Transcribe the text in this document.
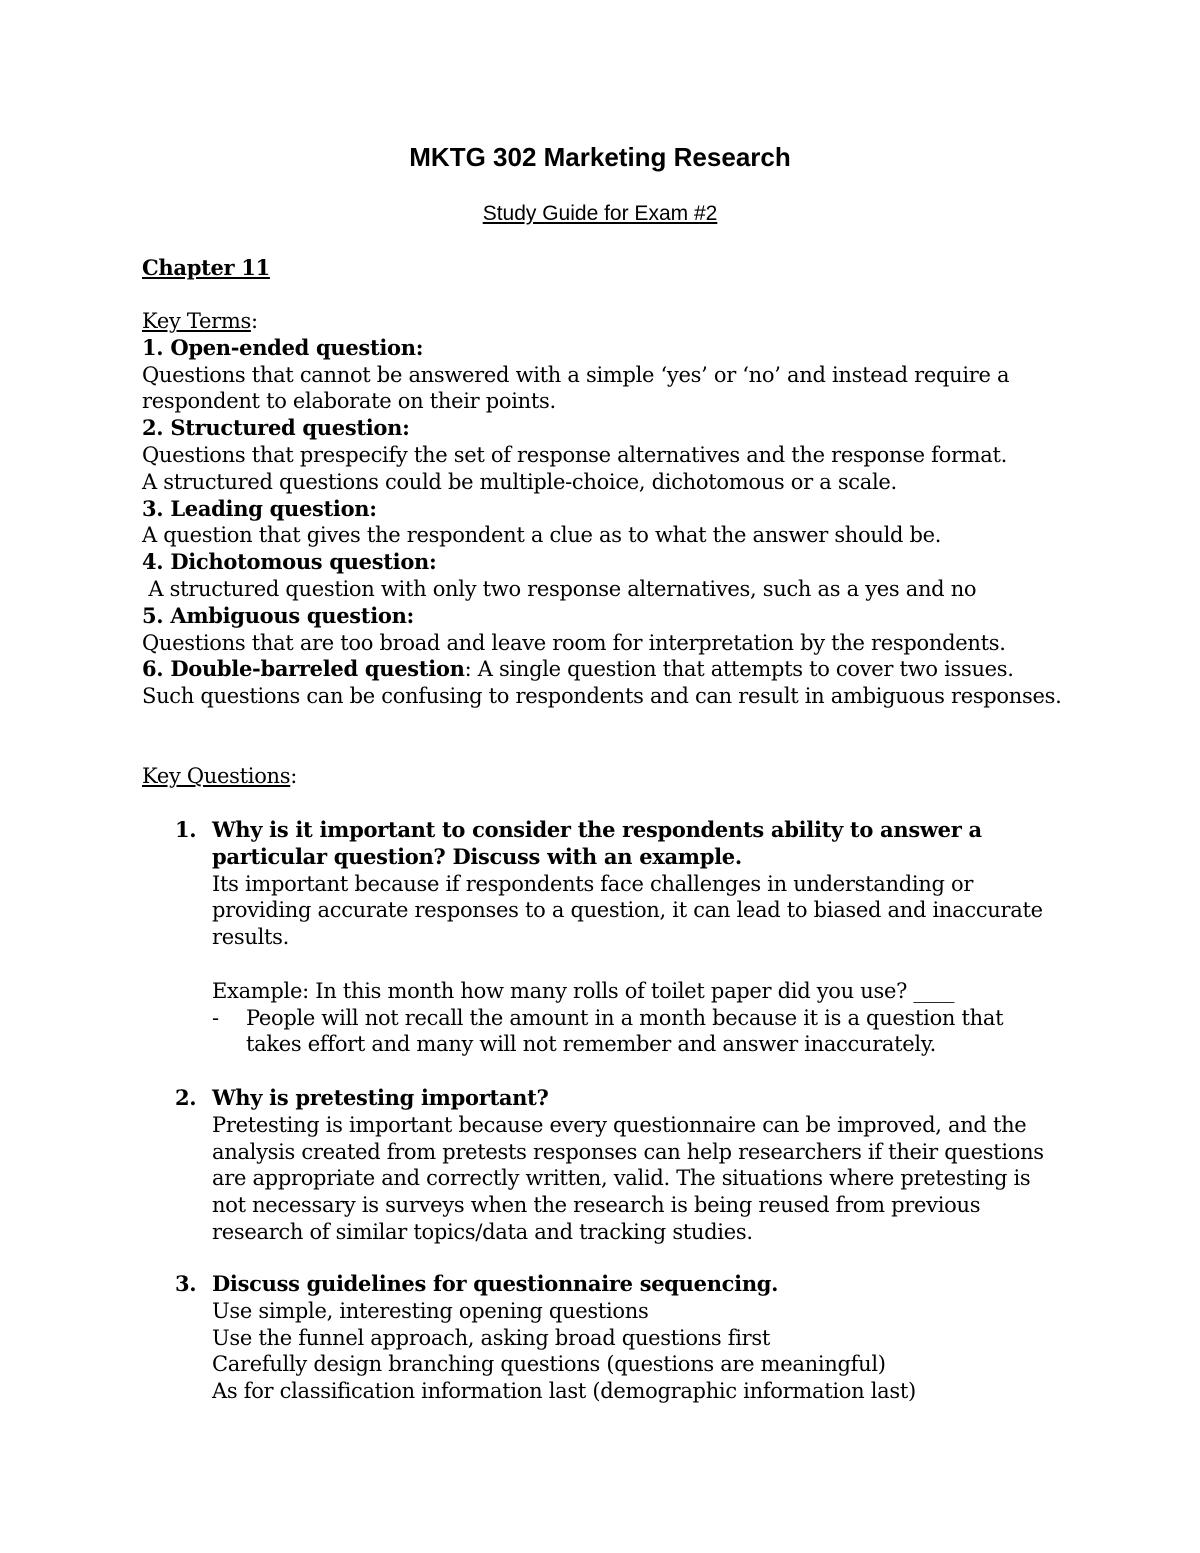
MKTG 302 Marketing Research
Study Guide for Exam #2
Chapter 11
Key Terms:
1. Open-ended question:
Questions that cannot be answered with a simple ‘yes’ or ‘no’ and instead require a
respondent to elaborate on their points.
2. Structured question:
Questions that prespecify the set of response alternatives and the response format.
A structured questions could be multiple-choice, dichotomous or a scale.
3. Leading question:
A question that gives the respondent a clue as to what the answer should be.
4. Dichotomous question:
A structured question with only two response alternatives, such as a yes and no
5. Ambiguous question:
Questions that are too broad and leave room for interpretation by the respondents.
6. Double-barreled question: A single question that attempts to cover two issues.
Such questions can be confusing to respondents and can result in ambiguous responses.
Key Questions:
1. Why is it important to consider the respondents ability to answer a
particular question? Discuss with an example.
Its important because if respondents face challenges in understanding or
providing accurate responses to a question, it can lead to biased and inaccurate
results.

Example: In this month how many rolls of toilet paper did you use? ____
- People will not recall the amount in a month because it is a question that
takes effort and many will not remember and answer inaccurately.
2. Why is pretesting important?
Pretesting is important because every questionnaire can be improved, and the
analysis created from pretests responses can help researchers if their questions
are appropriate and correctly written, valid. The situations where pretesting is
not necessary is surveys when the research is being reused from previous
research of similar topics/data and tracking studies.
3. Discuss guidelines for questionnaire sequencing.
Use simple, interesting opening questions
Use the funnel approach, asking broad questions first
Carefully design branching questions (questions are meaningful)
As for classification information last (demographic information last)
